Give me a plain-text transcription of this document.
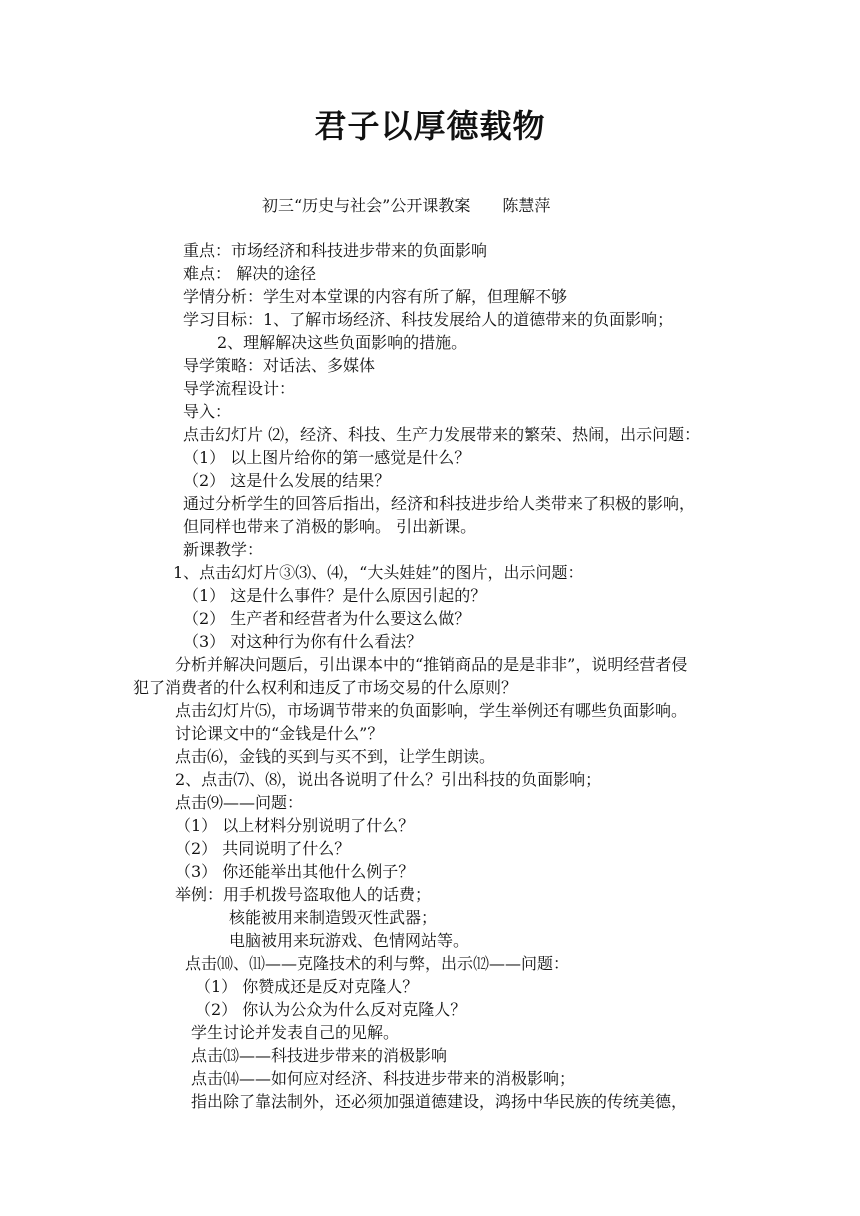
君子以厚德载物
初三“历史与社会”公开课教案　　陈慧萍
重点：市场经济和科技进步带来的负面影响
难点： 解决的途径
学情分析：学生对本堂课的内容有所了解，但理解不够
学习目标：1、了解市场经济、科技发展给人的道德带来的负面影响；
2、理解解决这些负面影响的措施。
导学策略：对话法、多媒体
导学流程设计：
导入：
点击幻灯片 ⑵，经济、科技、生产力发展带来的繁荣、热闹，出示问题：
（1） 以上图片给你的第一感觉是什么？
（2） 这是什么发展的结果？
通过分析学生的回答后指出，经济和科技进步给人类带来了积极的影响，
但同样也带来了消极的影响。 引出新课。
新课教学：
1、点击幻灯片③⑶、⑷，“大头娃娃”的图片，出示问题：
（1） 这是什么事件？是什么原因引起的？
（2） 生产者和经营者为什么要这么做？
（3） 对这种行为你有什么看法？
分析并解决问题后，引出课本中的“推销商品的是是非非”，说明经营者侵
犯了消费者的什么权利和违反了市场交易的什么原则？
点击幻灯片⑸，市场调节带来的负面影响，学生举例还有哪些负面影响。
讨论课文中的“金钱是什么”？
点击⑹，金钱的买到与买不到，让学生朗读。
2、点击⑺、⑻，说出各说明了什么？引出科技的负面影响；
点击⑼——问题：
（1） 以上材料分别说明了什么？
（2） 共同说明了什么？
（3） 你还能举出其他什么例子？
举例：用手机拨号盗取他人的话费；
核能被用来制造毁灭性武器；
电脑被用来玩游戏、色情网站等。
点击⑽、⑾——克隆技术的利与弊，出示⑿——问题：
（1） 你赞成还是反对克隆人？
（2） 你认为公众为什么反对克隆人？
学生讨论并发表自己的见解。
点击⒀——科技进步带来的消极影响
点击⒁——如何应对经济、科技进步带来的消极影响；
指出除了靠法制外，还必须加强道德建设，鸿扬中华民族的传统美德，
